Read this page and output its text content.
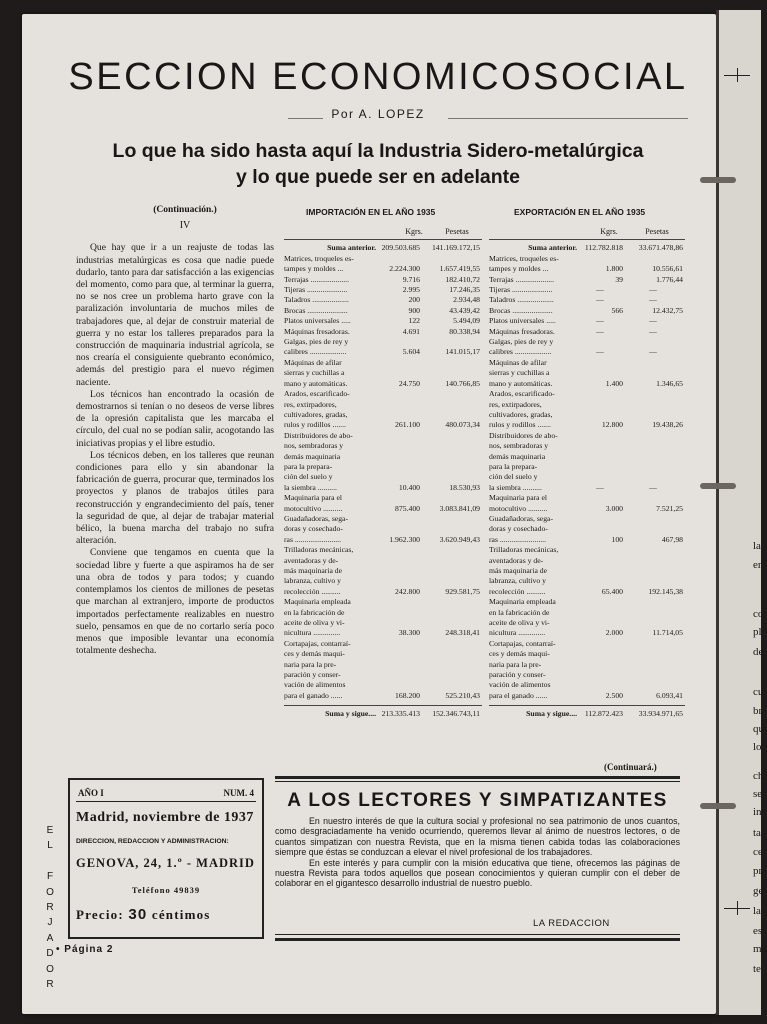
la
er
co
pl
de
cu
br
qu
lo
ch
se
in
ta
ce
pr
ge
la
es
mu
te
SECCION ECONOMICOSOCIAL
Por A. LOPEZ
Lo que ha sido hasta aquí la Industria Sidero-metalúrgica
y lo que puede ser en adelante
(Continuación.)
IV

Que hay que ir a un reajuste de todas las industrias metalúrgicas es cosa que nadie puede dudarlo, tanto para dar satisfacción a las exigencias del momento, como para que, al terminar la guerra, no se nos cree un problema harto grave con la paralización involuntaria de muchos miles de trabajadores que, al dejar de construir material de guerra y no estar los talleres preparados para la construcción de maquinaria industrial agrícola, se nos crearía el consiguiente quebranto económico, además del prestigio para el nuevo régimen naciente.

Los técnicos han encontrado la ocasión de demostrarnos si tenían o no deseos de verse libres de la opresión capitalista que les marcaba el círculo, del cual no se podían salir, acogotando las iniciativas propias y el libre estudio.

Los técnicos deben, en los talleres que reunan condiciones para ello y sin abandonar la fabricación de guerra, procurar que, terminados los proyectos y planos de trabajos útiles para reconstrucción y engrandecimiento del país, tener la seguridad de que, al dejar de trabajar material bélico, la buena marcha del trabajo no sufra alteración.

Conviene que tengamos en cuenta que la sociedad libre y fuerte a que aspiramos ha de ser una obra de todos y para todos; y cuando contemplamos los cientos de millones de pesetas que marchan al extranjero, importe de productos importados perfectamente realizables en nuestro suelo, pensamos en que de no cortarlo sería poco menos que imposible levantar una economía totalmente deshecha.

IMPORTACIÓN EN EL AÑO 1935
Kgrs.	Pesetas
Suma anterior. 209.503.685	141.169.172,15
Matrices, troqueles es-
tampes y moldes ...	2.224.300	1.657.419,55
Terrajas ....................	9.716	182.410,72
Tijeras .....................	2.995	17.246,35
Taladros ...................	200	2.934,48
Brocas .....................	900	43.439,42
Platos universales .....	122	5.494,09
Máquinas fresadoras.	4.691	80.338,94
Galgas, pies de rey y
calibres ...................	5.604	141.015,17
Máquinas de afilar
sierras y cuchillas a
mano y automáticas.	24.750	140.766,85
Arados, escarificado-
res, extirpadores,
cultivadores, gradas,
rulos y rodillos .......	261.100	480.073,34
Distribuidores de abo-
nos, sembradoras y
demás maquinaria
para la prepara-
ción del suelo y
la siembra ..........	10.400	18.530,93
Maquinaria para el
motocultivo ..........	875.400	3.083.841,09
Guadañadoras, sega-
doras y cosechado-
ras ........................	1.962.300	3.620.949,43
Trilladoras mecánicas,
aventadoras y de-
más maquinaria de
labranza, cultivo y
recolección ..........	242.800	929.581,75
Maquinaria empleada
en la fabricación de
aceite de oliva y vi-
nicultura ..............	38.300	248.318,41
Cortapajas, contarraí-
ces y demás maqui-
naria para la pre-
paración y conser-
vación de alimentos
para el ganado ......	168.200	525.210,43
Suma y sigue.... 213.335.413	152.346.743,11
EXPORTACIÓN EN EL AÑO 1935
Kgrs.	Pesetas
Suma anterior.	112.782.818	33.671.478,86
Matrices, troqueles es-
tampes y moldes ...	1.800	10.556,61
Terrajas ....................	39	1.776,44
Tijeras .....................	—	—
Taladros ...................	—	—
Brocas .....................	566	12.432,75
Platos universales .....	—	—
Máquinas fresadoras.	—	—
Galgas, pies de rey y
calibres ...................	—	—
Máquinas de afilar
sierras y cuchillas a
mano y automáticas.	1.400	1.346,65
Arados, escarificado-
res, extirpadores,
cultivadores, gradas,
rulos y rodillos .......	12.800	19.438,26
Distribuidores de abo-
nos, sembradoras y
demás maquinaria
para la prepara-
ción del suelo y
la siembra ..........	—	—
Maquinaria para el
motocultivo ..........	3.000	7.521,25
Guadañadoras, sega-
doras y cosechado-
ras ........................	100	467,98
Trilladoras mecánicas,
aventadoras y de-
más maquinaria de
labranza, cultivo y
recolección ..........	65.400	192.145,38
Maquinaria empleada
en la fabricación de
aceite de oliva y vi-
nicultura ..............	2.000	11.714,05
Cortapajas, contarraí-
ces y demás maqui-
naria para la pre-
paración y conser-
vación de alimentos
para el ganado ......	2.500	6.093,41
Suma y sigue....	112.872.423	33.934.971,65
(Continuará.)
AÑO I	NUM. 4
Madrid, noviembre de 1937
DIRECCION, REDACCION Y ADMINISTRACION:
GENOVA, 24, 1.º - MADRID
Teléfono 49839
Precio: 30 céntimos
E
L

F
O
R
J
A
D
O
R
• Página 2
A LOS LECTORES Y SIMPATIZANTES

En nuestro interés de que la cultura social y profesional no sea patrimonio de unos cuantos, como desgraciadamente ha venido ocurriendo, queremos llevar al ánimo de nuestros lectores, o de cuantos simpatizan con nuestra Revista, que en la misma tienen cabida todas las colaboraciones siempre que éstas se conduzcan a elevar el nivel profesional de los trabajadores.

En este interés y para cumplir con la misión educativa que tiene, ofrecemos las páginas de nuestra Revista para todos aquellos que posean conocimientos y quieran cumplir con el deber de colaborar en el gigantesco desarrollo industrial de nuestro pueblo.

LA REDACCION
